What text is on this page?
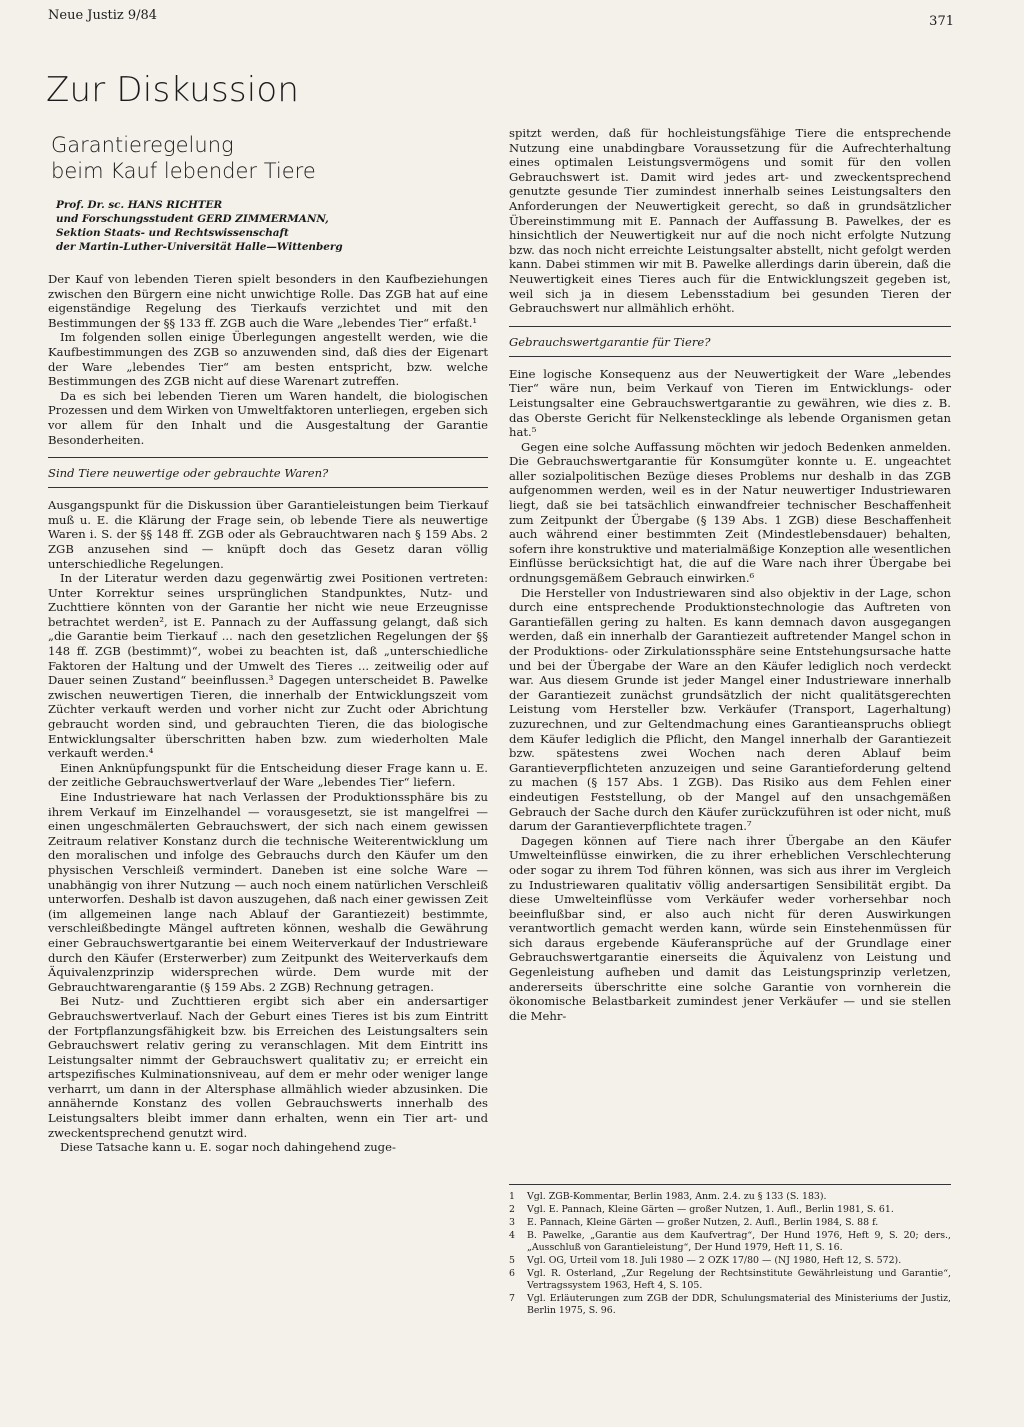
Neue Justiz 9/84	371
Zur Diskussion
Garantieregelung
beim Kauf lebender Tiere
Prof. Dr. sc. HANS RICHTER
und Forschungsstudent GERD ZIMMERMANN,
Sektion Staats- und Rechtswissenschaft
der Martin-Luther-Universität Halle—Wittenberg

Der Kauf von lebenden Tieren spielt besonders in den Kaufbeziehungen zwischen den Bürgern eine nicht unwichtige Rolle. Das ZGB hat auf eine eigenständige Regelung des Tierkaufs verzichtet und mit den Bestimmungen der §§ 133 ff. ZGB auch die Ware „lebendes Tier“ erfaßt.¹

Im folgenden sollen einige Überlegungen angestellt werden, wie die Kaufbestimmungen des ZGB so anzuwenden sind, daß dies der Eigenart der Ware „lebendes Tier“ am besten entspricht, bzw. welche Bestimmungen des ZGB nicht auf diese Warenart zutreffen.

Da es sich bei lebenden Tieren um Waren handelt, die biologischen Prozessen und dem Wirken von Umweltfaktoren unterliegen, ergeben sich vor allem für den Inhalt und die Ausgestaltung der Garantie Besonderheiten.

Sind Tiere neuwertige oder gebrauchte Waren?

Ausgangspunkt für die Diskussion über Garantieleistungen beim Tierkauf muß u. E. die Klärung der Frage sein, ob lebende Tiere als neuwertige Waren i. S. der §§ 148 ff. ZGB oder als Gebrauchtwaren nach § 159 Abs. 2 ZGB anzusehen sind — knüpft doch das Gesetz daran völlig unterschiedliche Regelungen.

In der Literatur werden dazu gegenwärtig zwei Positionen vertreten: Unter Korrektur seines ursprünglichen Standpunktes, Nutz- und Zuchttiere könnten von der Garantie her nicht wie neue Erzeugnisse betrachtet werden², ist E. Pannach zu der Auffassung gelangt, daß sich „die Garantie beim Tierkauf ... nach den gesetzlichen Regelungen der §§ 148 ff. ZGB (bestimmt)“, wobei zu beachten ist, daß „unterschiedliche Faktoren der Haltung und der Umwelt des Tieres ... zeitweilig oder auf Dauer seinen Zustand“ beeinflussen.³ Dagegen unterscheidet B. Pawelke zwischen neuwertigen Tieren, die innerhalb der Entwicklungszeit vom Züchter verkauft werden und vorher nicht zur Zucht oder Abrichtung gebraucht worden sind, und gebrauchten Tieren, die das biologische Entwicklungsalter überschritten haben bzw. zum wiederholten Male verkauft werden.⁴

Einen Anknüpfungspunkt für die Entscheidung dieser Frage kann u. E. der zeitliche Gebrauchswertverlauf der Ware „lebendes Tier“ liefern.

Eine Industrieware hat nach Verlassen der Produktionssphäre bis zu ihrem Verkauf im Einzelhandel — vorausgesetzt, sie ist mangelfrei — einen ungeschmälerten Gebrauchswert, der sich nach einem gewissen Zeitraum relativer Konstanz durch die technische Weiterentwicklung um den moralischen und infolge des Gebrauchs durch den Käufer um den physischen Verschleiß vermindert. Daneben ist eine solche Ware — unabhängig von ihrer Nutzung — auch noch einem natürlichen Verschleiß unterworfen. Deshalb ist davon auszugehen, daß nach einer gewissen Zeit (im allgemeinen lange nach Ablauf der Garantiezeit) bestimmte, verschleißbedingte Mängel auftreten können, weshalb die Gewährung einer Gebrauchswertgarantie bei einem Weiterverkauf der Industrieware durch den Käufer (Ersterwerber) zum Zeitpunkt des Weiterverkaufs dem Äquivalenzprinzip widersprechen würde. Dem wurde mit der Gebrauchtwarengarantie (§ 159 Abs. 2 ZGB) Rechnung getragen.

Bei Nutz- und Zuchttieren ergibt sich aber ein andersartiger Gebrauchswertverlauf. Nach der Geburt eines Tieres ist bis zum Eintritt der Fortpflanzungsfähigkeit bzw. bis Erreichen des Leistungsalters sein Gebrauchswert relativ gering zu veranschlagen. Mit dem Eintritt ins Leistungsalter nimmt der Gebrauchswert qualitativ zu; er erreicht ein artspezifisches Kulminationsniveau, auf dem er mehr oder weniger lange verharrt, um dann in der Altersphase allmählich wieder abzusinken. Die annähernde Konstanz des vollen Gebrauchswerts innerhalb des Leistungsalters bleibt immer dann erhalten, wenn ein Tier art- und zweckentsprechend genutzt wird.

Diese Tatsache kann u. E. sogar noch dahingehend zuge-

spitzt werden, daß für hochleistungsfähige Tiere die entsprechende Nutzung eine unabdingbare Voraussetzung für die Aufrechterhaltung eines optimalen Leistungsvermögens und somit für den vollen Gebrauchswert ist. Damit wird jedes art- und zweckentsprechend genutzte gesunde Tier zumindest innerhalb seines Leistungsalters den Anforderungen der Neuwertigkeit gerecht, so daß in grundsätzlicher Übereinstimmung mit E. Pannach der Auffassung B. Pawelkes, der es hinsichtlich der Neuwertigkeit nur auf die noch nicht erfolgte Nutzung bzw. das noch nicht erreichte Leistungsalter abstellt, nicht gefolgt werden kann. Dabei stimmen wir mit B. Pawelke allerdings darin überein, daß die Neuwertigkeit eines Tieres auch für die Entwicklungszeit gegeben ist, weil sich ja in diesem Lebensstadium bei gesunden Tieren der Gebrauchswert nur allmählich erhöht.

Gebrauchswertgarantie für Tiere?

Eine logische Konsequenz aus der Neuwertigkeit der Ware „lebendes Tier“ wäre nun, beim Verkauf von Tieren im Entwicklungs- oder Leistungsalter eine Gebrauchswertgarantie zu gewähren, wie dies z. B. das Oberste Gericht für Nelkenstecklinge als lebende Organismen getan hat.⁵

Gegen eine solche Auffassung möchten wir jedoch Bedenken anmelden. Die Gebrauchswertgarantie für Konsumgüter konnte u. E. ungeachtet aller sozialpolitischen Bezüge dieses Problems nur deshalb in das ZGB aufgenommen werden, weil es in der Natur neuwertiger Industriewaren liegt, daß sie bei tatsächlich einwandfreier technischer Beschaffenheit zum Zeitpunkt der Übergabe (§ 139 Abs. 1 ZGB) diese Beschaffenheit auch während einer bestimmten Zeit (Mindestlebensdauer) behalten, sofern ihre konstruktive und materialmäßige Konzeption alle wesentlichen Einflüsse berücksichtigt hat, die auf die Ware nach ihrer Übergabe bei ordnungsgemäßem Gebrauch einwirken.⁶

Die Hersteller von Industriewaren sind also objektiv in der Lage, schon durch eine entsprechende Produktionstechnologie das Auftreten von Garantiefällen gering zu halten. Es kann demnach davon ausgegangen werden, daß ein innerhalb der Garantiezeit auftretender Mangel schon in der Produktions- oder Zirkulationssphäre seine Entstehungsursache hatte und bei der Übergabe der Ware an den Käufer lediglich noch verdeckt war. Aus diesem Grunde ist jeder Mangel einer Industrieware innerhalb der Garantiezeit zunächst grundsätzlich der nicht qualitätsgerechten Leistung vom Hersteller bzw. Verkäufer (Transport, Lagerhaltung) zuzurechnen, und zur Geltendmachung eines Garantieanspruchs obliegt dem Käufer lediglich die Pflicht, den Mangel innerhalb der Garantiezeit bzw. spätestens zwei Wochen nach deren Ablauf beim Garantieverpflichteten anzuzeigen und seine Garantieforderung geltend zu machen (§ 157 Abs. 1 ZGB). Das Risiko aus dem Fehlen einer eindeutigen Feststellung, ob der Mangel auf den unsachgemäßen Gebrauch der Sache durch den Käufer zurückzuführen ist oder nicht, muß darum der Garantieverpflichtete tragen.⁷

Dagegen können auf Tiere nach ihrer Übergabe an den Käufer Umwelteinflüsse einwirken, die zu ihrer erheblichen Verschlechterung oder sogar zu ihrem Tod führen können, was sich aus ihrer im Vergleich zu Industriewaren qualitativ völlig andersartigen Sensibilität ergibt. Da diese Umwelteinflüsse vom Verkäufer weder vorhersehbar noch beeinflußbar sind, er also auch nicht für deren Auswirkungen verantwortlich gemacht werden kann, würde sein Einstehenmüssen für sich daraus ergebende Käuferansprüche auf der Grundlage einer Gebrauchswertgarantie einerseits die Äquivalenz von Leistung und Gegenleistung aufheben und damit das Leistungsprinzip verletzen, andererseits überschritte eine solche Garantie von vornherein die ökonomische Belastbarkeit zumindest jener Verkäufer — und sie stellen die Mehr-

1	Vgl. ZGB-Kommentar, Berlin 1983, Anm. 2.4. zu § 133 (S. 183).
2	Vgl. E. Pannach, Kleine Gärten — großer Nutzen, 1. Aufl., Berlin 1981, S. 61.
3	E. Pannach, Kleine Gärten — großer Nutzen, 2. Aufl., Berlin 1984, S. 88 f.
4	B. Pawelke, „Garantie aus dem Kaufvertrag“, Der Hund 1976, Heft 9, S. 20; ders., „Ausschluß von Garantieleistung“, Der Hund 1979, Heft 11, S. 16.
5	Vgl. OG, Urteil vom 18. Juli 1980 — 2 OZK 17/80 — (NJ 1980, Heft 12, S. 572).
6	Vgl. R. Osterland, „Zur Regelung der Rechtsinstitute Gewährleistung und Garantie“, Vertragssystem 1963, Heft 4, S. 105.
7	Vgl. Erläuterungen zum ZGB der DDR, Schulungsmaterial des Ministeriums der Justiz, Berlin 1975, S. 96.
